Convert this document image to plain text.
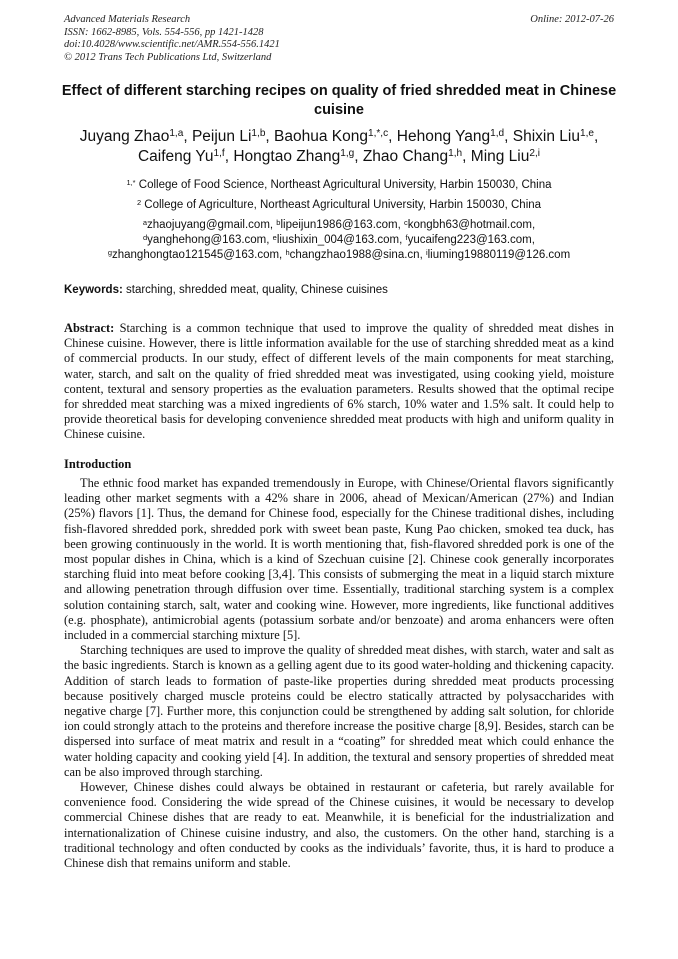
Advanced Materials Research
ISSN: 1662-8985, Vols. 554-556, pp 1421-1428
doi:10.4028/www.scientific.net/AMR.554-556.1421
© 2012 Trans Tech Publications Ltd, Switzerland
Online: 2012-07-26
Effect of different starching recipes on quality of fried shredded meat in Chinese cuisine
Juyang Zhao$^{1,a}$, Peijun Li$^{1,b}$, Baohua Kong$^{1,*,c}$, Hehong Yang$^{1,d}$, Shixin Liu$^{1,e}$,
Caifeng Yu$^{1,f}$, Hongtao Zhang$^{1,g}$, Zhao Chang$^{1,h}$, Ming Liu$^{2,i}$
$^{1,*}$ College of Food Science, Northeast Agricultural University, Harbin 150030, China
$^2$ College of Agriculture, Northeast Agricultural University, Harbin 150030, China
$^a$zhaojuyang@gmail.com, $^b$lipeijun1986@163.com, $^c$kongbh63@hotmail.com,
$^d$yanghehong@163.com, $^e$liushixin_004@163.com, $^f$yucaifeng223@163.com,
$^g$zhanghongtao121545@163.com, $^h$changzhao1988@sina.cn, $^i$liuming19880119@126.com
Keywords: starching, shredded meat, quality, Chinese cuisines
Abstract: Starching is a common technique that used to improve the quality of shredded meat dishes in Chinese cuisine. However, there is little information available for the use of starching shredded meat as a kind of commercial products. In our study, effect of different levels of the main components for meat starching, water, starch, and salt on the quality of fried shredded meat was investigated, using cooking yield, moisture content, textural and sensory properties as the evaluation parameters. Results showed that the optimal recipe for shredded meat starching was a mixed ingredients of 6% starch, 10% water and 1.5% salt. It could help to provide theoretical basis for developing convenience shredded meat products with high and uniform quality in Chinese cuisine.
Introduction

The ethnic food market has expanded tremendously in Europe, with Chinese/Oriental flavors significantly leading other market segments with a 42% share in 2006, ahead of Mexican/American (27%) and Indian (25%) flavors [1]. Thus, the demand for Chinese food, especially for the Chinese traditional dishes, including fish-flavored shredded pork, shredded pork with sweet bean paste, Kung Pao chicken, smoked tea duck, has been growing continuously in the world. It is worth mentioning that, fish-flavored shredded pork is one of the most popular dishes in China, which is a kind of Szechuan cuisine [2]. Chinese cook generally incorporates starching fluid into meat before cooking [3,4]. This consists of submerging the meat in a liquid starch mixture and allowing penetration through diffusion over time. Essentially, traditional starching system is a complex solution containing starch, salt, water and cooking wine. However, more ingredients, like functional additives (e.g. phosphate), antimicrobial agents (potassium sorbate and/or benzoate) and aroma enhancers were often included in a commercial starching mixture [5].

Starching techniques are used to improve the quality of shredded meat dishes, with starch, water and salt as the basic ingredients. Starch is known as a gelling agent due to its good water-holding and thickening capacity. Addition of starch leads to formation of paste-like properties during shredded meat products processing because positively charged muscle proteins could be electro statically attracted by polysaccharides with negative charge [7]. Further more, this conjunction could be strengthened by adding salt solution, for chloride ion could strongly attach to the proteins and therefore increase the positive charge [8,9]. Besides, starch can be dispersed into surface of meat matrix and result in a “coating” for shredded meat which could enhance the water holding capacity and cooking yield [4]. In addition, the textural and sensory properties of shredded meat can be also improved through starching.

However, Chinese dishes could always be obtained in restaurant or cafeteria, but rarely available for convenience food. Considering the wide spread of the Chinese cuisines, it would be necessary to develop commercial Chinese dishes that are ready to eat. Meanwhile, it is beneficial for the industrialization and internationalization of Chinese cuisine industry, and also, the customers. On the other hand, starching is a traditional technology and often conducted by cooks as the individuals’ favorite, thus, it is hard to produce a Chinese dish that remains uniform and stable.
